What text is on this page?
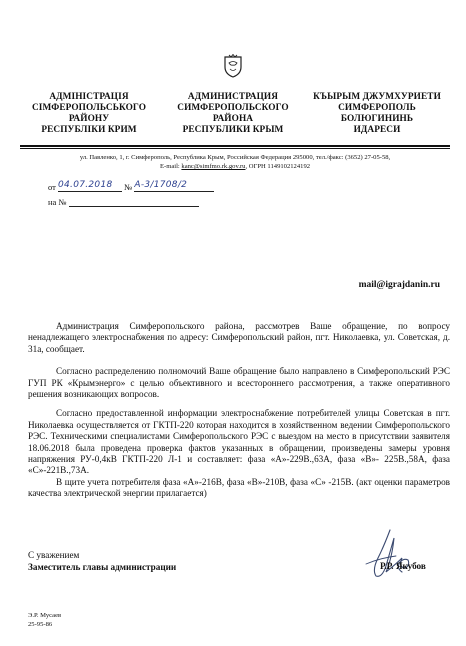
АДМІНІСТРАЦІЯ
СІМФЕРОПОЛЬСЬКОГО
РАЙОНУ
РЕСПУБЛІКИ КРИМ
АДМИНИСТРАЦИЯ
СИМФЕРОПОЛЬСКОГО
РАЙОНА
РЕСПУБЛИКИ КРЫМ
КЪЫРЫМ ДЖУМХУРИЕТИ
СИМФЕРОПОЛЬ
БОЛЮГИНИНЬ
ИДАРЕСИ
ул. Павленко, 1, г. Симферополь, Республика Крым, Российская Федерация 295000, тел./факс: (3652) 27-05-58,
E-mail: kanc@simfmo.rk.gov.ru, ОГРН 1149102124192
от 04.07.2018 № А-3/1708/2
на №
mail@igrajdanin.ru

Администрация Симферопольского района, рассмотрев Ваше обращение, по вопросу ненадлежащего электроснабжения по адресу: Симферопольский район, пгт. Николаевка, ул. Советская, д. 31а, сообщает.

Согласно распределению полномочий Ваше обращение было направлено в Симферопольский РЭС ГУП РК «Крымэнерго» с целью объективного и всестороннего рассмотрения, а также оперативного решения возникающих вопросов.

Согласно предоставленной информации электроснабжение потребителей улицы Советская в пгт. Николаевка осуществляется от ГКТП-220 которая находится в хозяйственном ведении Симферопольского РЭС. Техническими специалистами Симферопольского РЭС с выездом на место в присутствии заявителя 18.06.2018 была проведена проверка фактов указанных в обращении, произведены замеры уровня напряжения РУ-0,4кВ ГКТП-220 Л-1 и составляет: фаза «А»-229В.,63А, фаза «В»- 225В.,58А, фаза «С»-221В.,73А.

В щите учета потребителя фаза «А»-216В, фаза «В»-210В, фаза «С» -215В. (акт оценки параметров качества электрической энергии прилагается)

С уважением
Заместитель главы администрации	Р.Р. Якубов
Э.Р. Мусаев
25-95-86
